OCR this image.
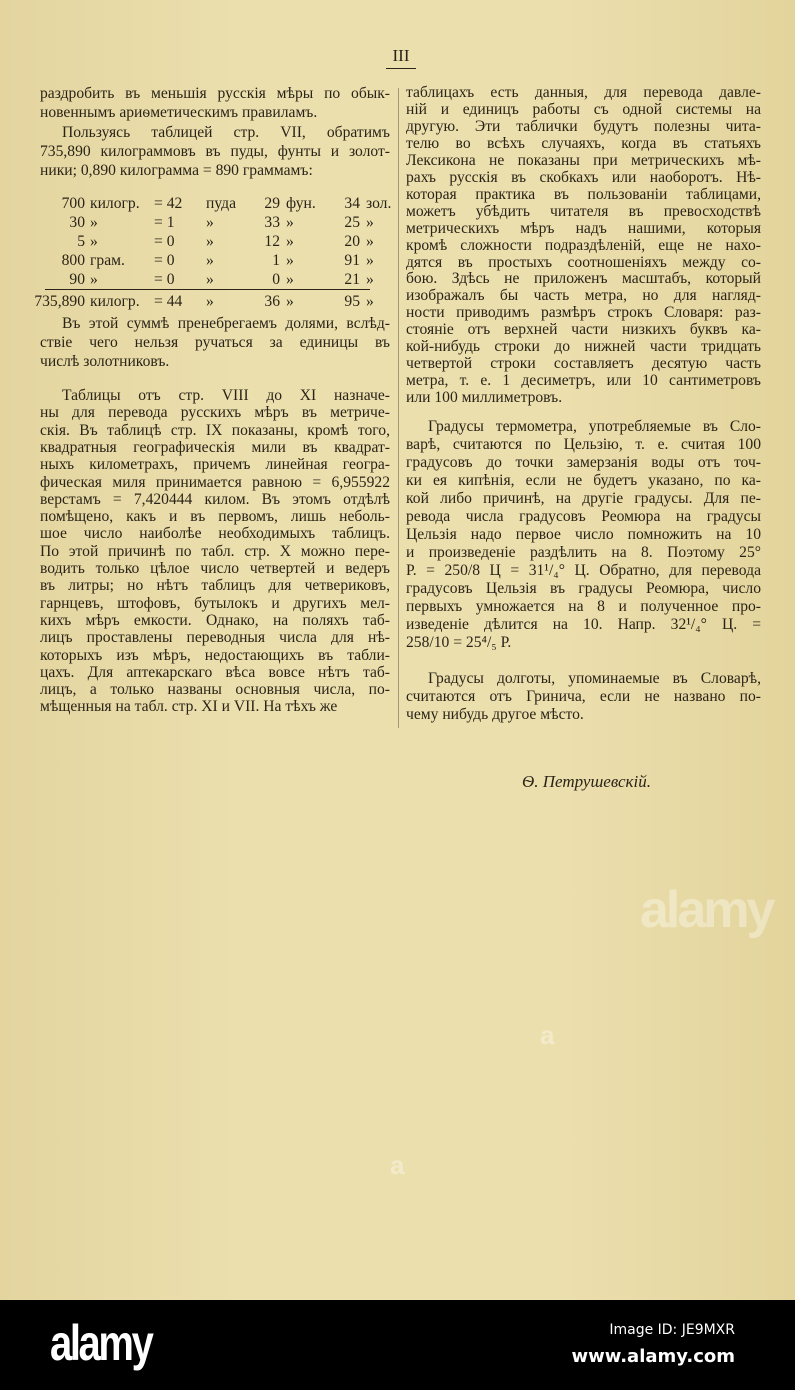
III
раздробить въ меньшія русскія мѣры по обык-
новеннымъ ариѳметическимъ правиламъ.
Пользуясь таблицей стр. VII, обратимъ
735,890 килограммовъ въ пуды, фунты и золот-
ники; 0,890 килограмма = 890 граммамъ:
Въ этой суммѣ пренебрегаемъ долями, вслѣд-
ствіе чего нельзя ручаться за единицы въ
числѣ золотниковъ.
Таблицы отъ стр. VIII до XI назначе-
ны для перевода русскихъ мѣръ въ метриче-
скія. Въ таблицѣ стр. IX показаны, кромѣ того,
квадратныя географическія мили въ квадрат-
ныхъ километрахъ, причемъ линейная геогра-
фическая миля принимается равною = 6,955922
верстамъ = 7,420444 килом. Въ этомъ отдѣлѣ
помѣщено, какъ и въ первомъ, лишь неболь-
шое число наиболѣе необходимыхъ таблицъ.
По этой причинѣ по табл. стр. X можно пере-
водить только цѣлое число четвертей и ведеръ
въ литры; но нѣтъ таблицъ для четвериковъ,
гарнцевъ, штофовъ, бутылокъ и другихъ мел-
кихъ мѣръ емкости. Однако, на поляхъ таб-
лицъ проставлены переводныя числа для нѣ-
которыхъ изъ мѣръ, недостающихъ въ табли-
цахъ. Для аптекарскаго вѣса вовсе нѣтъ таб-
лицъ, а только названы основныя числа, по-
мѣщенныя на табл. стр. XI и VII. На тѣхъ же
700 килогр. = 42	пуда	29 фун.	34 зол.
30 »	= 1	»	33 »	25 »
5 »	= 0	»	12 »	20 »
800 грам.	= 0	»	1 »	91 »
90 »	= 0	»	0 »	21 »
735,890 килогр. = 44	»	36 »	95 »
таблицахъ есть данныя, для перевода давле-
ній и единицъ работы съ одной системы на
другую. Эти таблички будутъ полезны чита-
телю во всѣхъ случаяхъ, когда въ статьяхъ
Лексикона не показаны при метрическихъ мѣ-
рахъ русскія въ скобкахъ или наоборотъ. Нѣ-
которая практика въ пользованіи таблицами,
можетъ убѣдить читателя въ превосходствѣ
метрическихъ мѣръ надъ нашими, которыя
кромѣ сложности подраздѣленій, еще не нахо-
дятся въ простыхъ соотношеніяхъ между со-
бою. Здѣсь не приложенъ масштабъ, который
изображалъ бы часть метра, но для нагляд-
ности приводимъ размѣръ строкъ Словаря: раз-
стояніе отъ верхней части низкихъ буквъ ка-
кой-нибудь строки до нижней части тридцать
четвертой строки составляетъ десятую часть
метра, т. е. 1 десиметръ, или 10 сантиметровъ
или 100 миллиметровъ.
Градусы термометра, употребляемые въ Сло-
варѣ, считаются по Цельзію, т. е. считая 100
градусовъ до точки замерзанія воды отъ точ-
ки ея кипѣнія, если не будетъ указано, по ка-
кой либо причинѣ, на другіе градусы. Для пе-
ревода числа градусовъ Реомюра на градусы
Цельзія надо первое число помножить на 10
и произведеніе раздѣлить на 8. Поэтому 25°
Р. = 250/8 Ц = 31¹/₄° Ц. Обратно, для перевода
градусовъ Цельзія въ градусы Реомюра, число
первыхъ умножается на 8 и полученное про-
изведеніе дѣлится на 10. Напр. 32¹/₄° Ц. =
258/10 = 25⁴/₅ Р.
Градусы долготы, упоминаемые въ Словарѣ,
считаются отъ Гринича, если не названо по-
чему нибудь другое мѣсто.
Ѳ. Петрушевскій.
alamy
a
a
alamy	Image ID: JE9MXR
www.alamy.com
